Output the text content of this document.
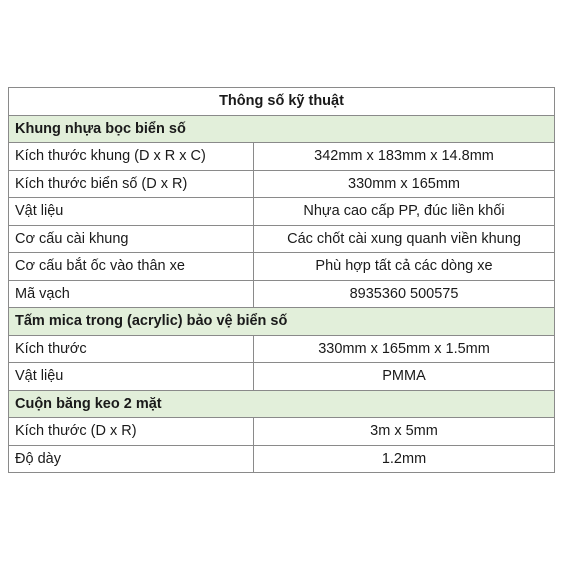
Thông số kỹ thuật	
Khung nhựa bọc biển số	
Kích thước khung (D x R x C)	342mm x 183mm x 14.8mm
Kích thước biển số (D x R)	330mm x 165mm
Vật liệu	Nhựa cao cấp PP, đúc liền khối
Cơ cấu cài khung	Các chốt cài xung quanh viền khung
Cơ cấu bắt ốc vào thân xe	Phù hợp tất cả các dòng xe
Mã vạch	8935360 500575
Tấm mica trong (acrylic) bảo vệ biển số	
Kích thước	330mm x 165mm x 1.5mm
Vật liệu	PMMA
Cuộn băng keo 2 mặt	
Kích thước (D x R)	3m x 5mm
Độ dày	1.2mm
